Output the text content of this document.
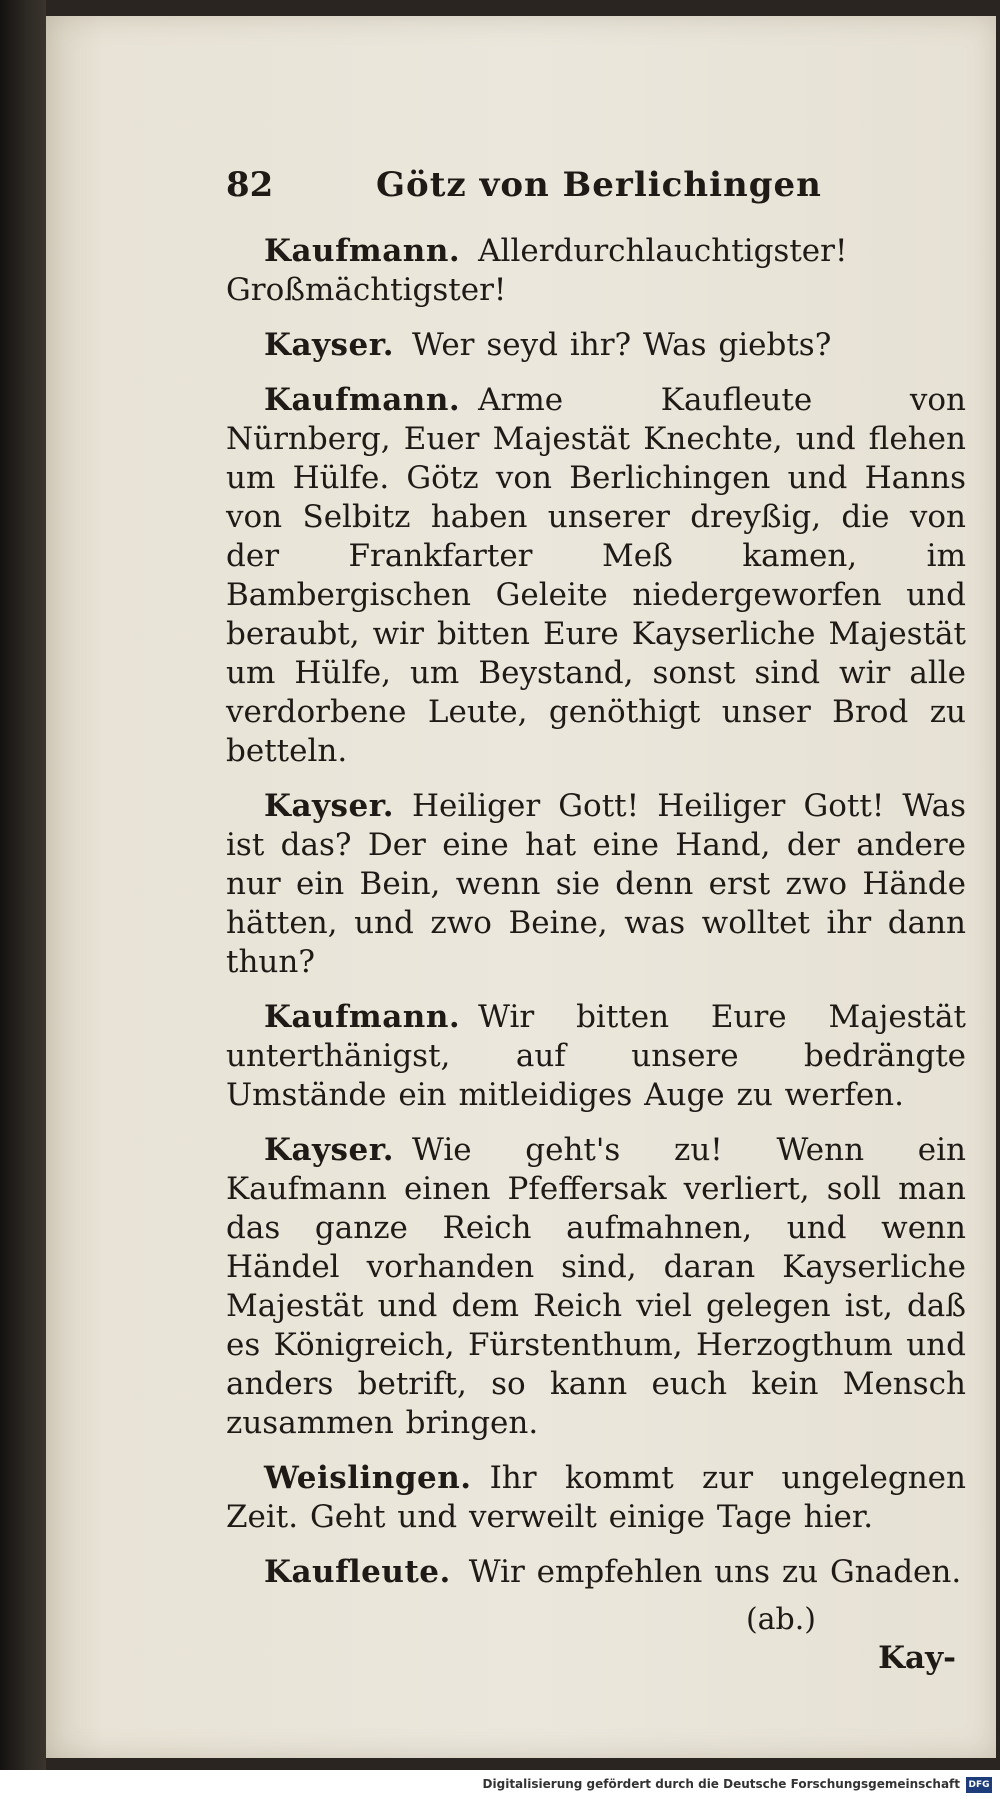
82	Götz von Berlichingen

Kaufmann. Allerdurchlauchtigster! Großmächtigster!

Kayser. Wer seyd ihr? Was giebts?

Kaufmann. Arme Kaufleute von Nürnberg, Euer Majestät Knechte, und flehen um Hülfe. Götz von Berlichingen und Hanns von Selbitz haben unserer dreyßig, die von der Frankfarter Meß kamen, im Bambergischen Geleite niedergeworfen und beraubt, wir bitten Eure Kayserliche Majestät um Hülfe, um Beystand, sonst sind wir alle verdorbene Leute, genöthigt unser Brod zu betteln.

Kayser. Heiliger Gott! Heiliger Gott! Was ist das? Der eine hat eine Hand, der andere nur ein Bein, wenn sie denn erst zwo Hände hätten, und zwo Beine, was wolltet ihr dann thun?

Kaufmann. Wir bitten Eure Majestät unterthänigst, auf unsere bedrängte Umstände ein mitleidiges Auge zu werfen.

Kayser. Wie geht's zu! Wenn ein Kaufmann einen Pfeffersak verliert, soll man das ganze Reich aufmahnen, und wenn Händel vorhanden sind, daran Kayserliche Majestät und dem Reich viel gelegen ist, daß es Königreich, Fürstenthum, Herzogthum und anders betrift, so kann euch kein Mensch zusammen bringen.

Weislingen. Ihr kommt zur ungelegnen Zeit. Geht und verweilt einige Tage hier.

Kaufleute. Wir empfehlen uns zu Gnaden.

(ab.)
Kay-
Digitalisierung gefördert durch die Deutsche Forschungsgemeinschaft DFG
